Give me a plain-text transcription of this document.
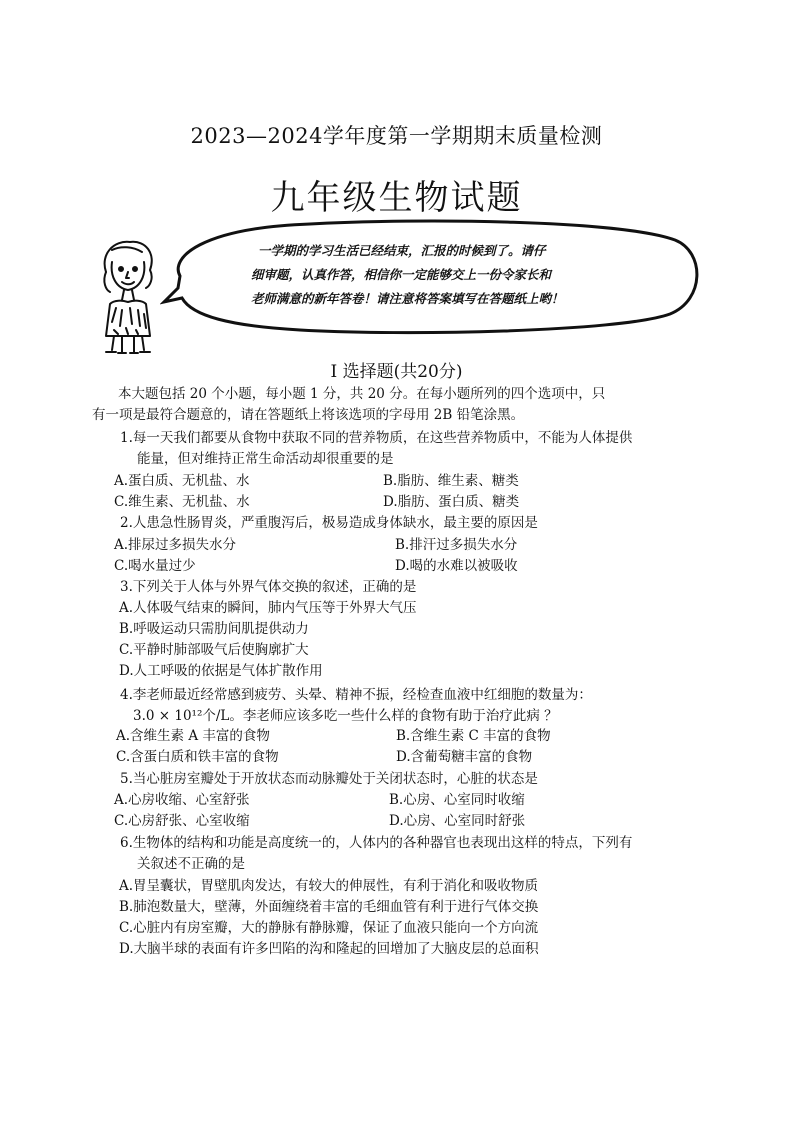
2023—2024学年度第一学期期末质量检测
九年级生物试题
一学期的学习生活已经结束，汇报的时候到了。请仔
细审题，认真作答，相信你一定能够交上一份令家长和
老师满意的新年答卷！请注意将答案填写在答题纸上哟！
Ⅰ 选择题(共20分)
本大题包括 20 个小题，每小题 1 分，共 20 分。在每小题所列的四个选项中，只
有一项是最符合题意的，请在答题纸上将该选项的字母用 2B 铅笔涂黑。
1.每一天我们都要从食物中获取不同的营养物质，在这些营养物质中，不能为人体提供
能量，但对维持正常生命活动却很重要的是
A.蛋白质、无机盐、水	B.脂肪、维生素、糖类
C.维生素、无机盐、水	D.脂肪、蛋白质、糖类
2.人患急性肠胃炎，严重腹泻后，极易造成身体缺水，最主要的原因是
A.排尿过多损失水分	B.排汗过多损失水分
C.喝水量过少	D.喝的水难以被吸收
3.下列关于人体与外界气体交换的叙述，正确的是
A.人体吸气结束的瞬间，肺内气压等于外界大气压
B.呼吸运动只需肋间肌提供动力
C.平静时肺部吸气后使胸廓扩大
D.人工呼吸的依据是气体扩散作用
4.李老师最近经常感到疲劳、头晕、精神不振，经检查血液中红细胞的数量为：
3.0 × 10¹²个/L。李老师应该多吃一些什么样的食物有助于治疗此病 ？
A.含维生素 A 丰富的食物	B.含维生素 C 丰富的食物
C.含蛋白质和铁丰富的食物	D.含葡萄糖丰富的食物
5.当心脏房室瓣处于开放状态而动脉瓣处于关闭状态时，心脏的状态是
A.心房收缩、心室舒张	B.心房、心室同时收缩
C.心房舒张、心室收缩	D.心房、心室同时舒张
6.生物体的结构和功能是高度统一的，人体内的各种器官也表现出这样的特点，下列有
关叙述不正确的是
A.胃呈囊状，胃壁肌肉发达，有较大的伸展性，有利于消化和吸收物质
B.肺泡数量大，壁薄，外面缠绕着丰富的毛细血管有利于进行气体交换
C.心脏内有房室瓣，大的静脉有静脉瓣，保证了血液只能向一个方向流
D.大脑半球的表面有许多凹陷的沟和隆起的回增加了大脑皮层的总面积
